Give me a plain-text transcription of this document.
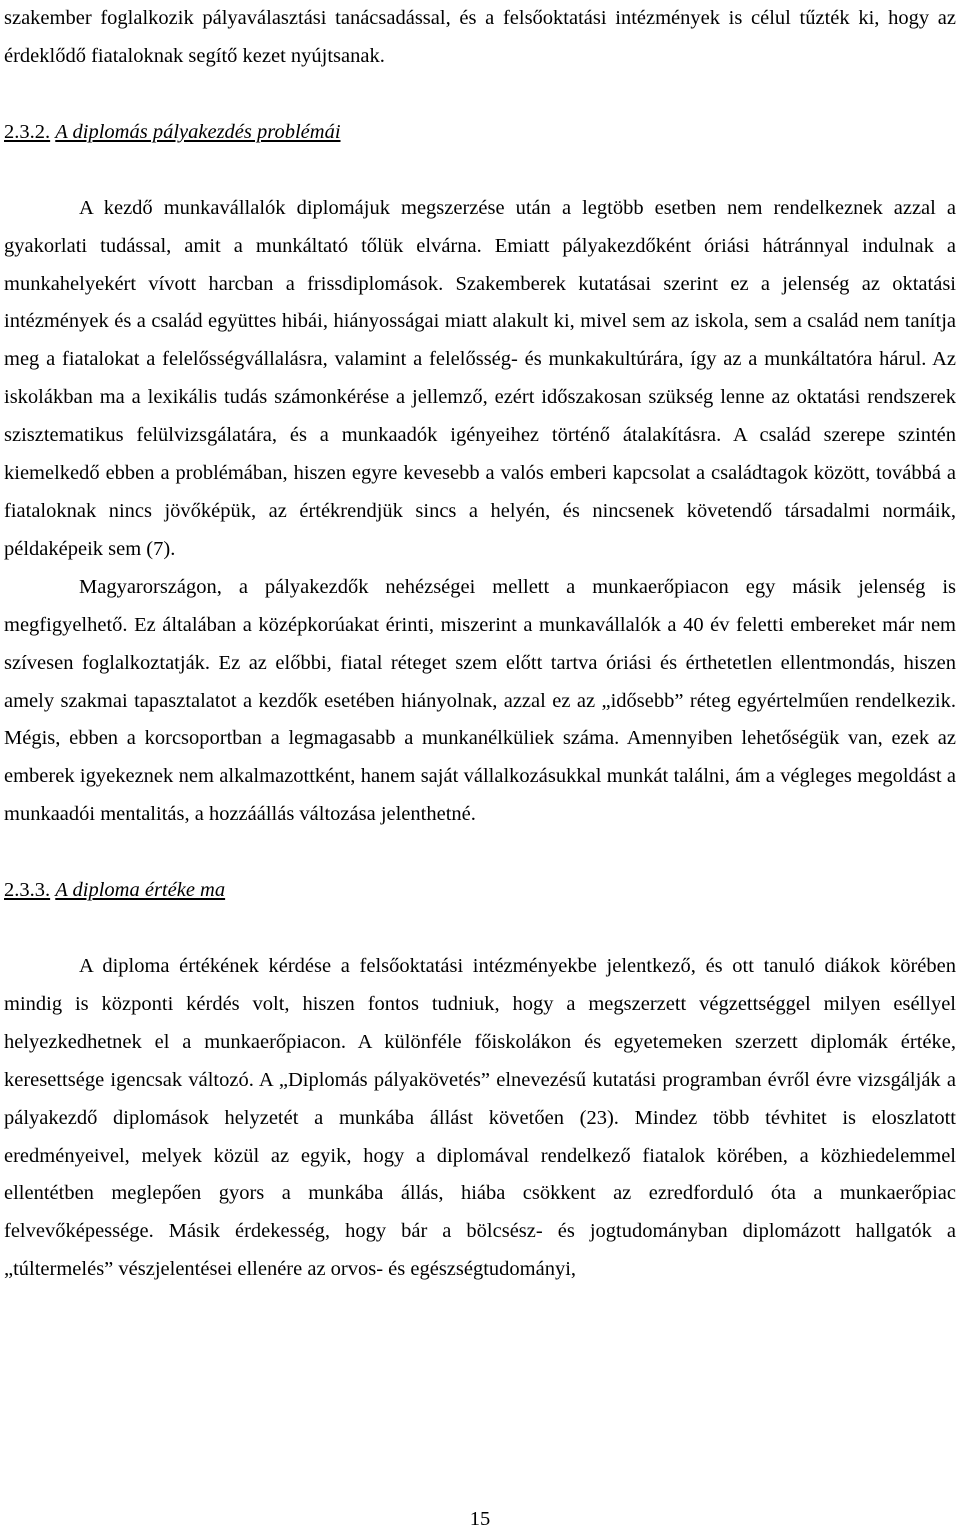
szakember foglalkozik pályaválasztási tanácsadással, és a felsőoktatási intézmények is célul tűzték ki, hogy az érdeklődő fiataloknak segítő kezet nyújtsanak.

2.3.2. A diplomás pályakezdés problémái

A kezdő munkavállalók diplomájuk megszerzése után a legtöbb esetben nem rendelkeznek azzal a gyakorlati tudással, amit a munkáltató tőlük elvárna. Emiatt pályakezdőként óriási hátránnyal indulnak a munkahelyekért vívott harcban a frissdiplomások. Szakemberek kutatásai szerint ez a jelenség az oktatási intézmények és a család együttes hibái, hiányosságai miatt alakult ki, mivel sem az iskola, sem a család nem tanítja meg a fiatalokat a felelősségvállalásra, valamint a felelősség- és munkakultúrára, így az a munkáltatóra hárul. Az iskolákban ma a lexikális tudás számonkérése a jellemző, ezért időszakosan szükség lenne az oktatási rendszerek szisztematikus felülvizsgálatára, és a munkaadók igényeihez történő átalakításra. A család szerepe szintén kiemelkedő ebben a problémában, hiszen egyre kevesebb a valós emberi kapcsolat a családtagok között, továbbá a fiataloknak nincs jövőképük, az értékrendjük sincs a helyén, és nincsenek követendő társadalmi normáik, példaképeik sem (7).

Magyarországon, a pályakezdők nehézségei mellett a munkaerőpiacon egy másik jelenség is megfigyelhető. Ez általában a középkorúakat érinti, miszerint a munkavállalók a 40 év feletti embereket már nem szívesen foglalkoztatják. Ez az előbbi, fiatal réteget szem előtt tartva óriási és érthetetlen ellentmondás, hiszen amely szakmai tapasztalatot a kezdők esetében hiányolnak, azzal ez az „idősebb” réteg egyértelműen rendelkezik. Mégis, ebben a korcsoportban a legmagasabb a munkanélküliek száma. Amennyiben lehetőségük van, ezek az emberek igyekeznek nem alkalmazottként, hanem saját vállalkozásukkal munkát találni, ám a végleges megoldást a munkaadói mentalitás, a hozzáállás változása jelenthetné.

2.3.3. A diploma értéke ma

A diploma értékének kérdése a felsőoktatási intézményekbe jelentkező, és ott tanuló diákok körében mindig is központi kérdés volt, hiszen fontos tudniuk, hogy a megszerzett végzettséggel milyen eséllyel helyezkedhetnek el a munkaerőpiacon. A különféle főiskolákon és egyetemeken szerzett diplomák értéke, keresettsége igencsak változó. A „Diplomás pályakövetés” elnevezésű kutatási programban évről évre vizsgálják a pályakezdő diplomások helyzetét a munkába állást követően (23). Mindez több tévhitet is eloszlatott eredményeivel, melyek közül az egyik, hogy a diplomával rendelkező fiatalok körében, a közhiedelemmel ellentétben meglepően gyors a munkába állás, hiába csökkent az ezredforduló óta a munkaerőpiac felvevőképessége. Másik érdekesség, hogy bár a bölcsész- és jogtudományban diplomázott hallgatók a „túltermelés” vészjelentései ellenére az orvos- és egészségtudományi,

15
